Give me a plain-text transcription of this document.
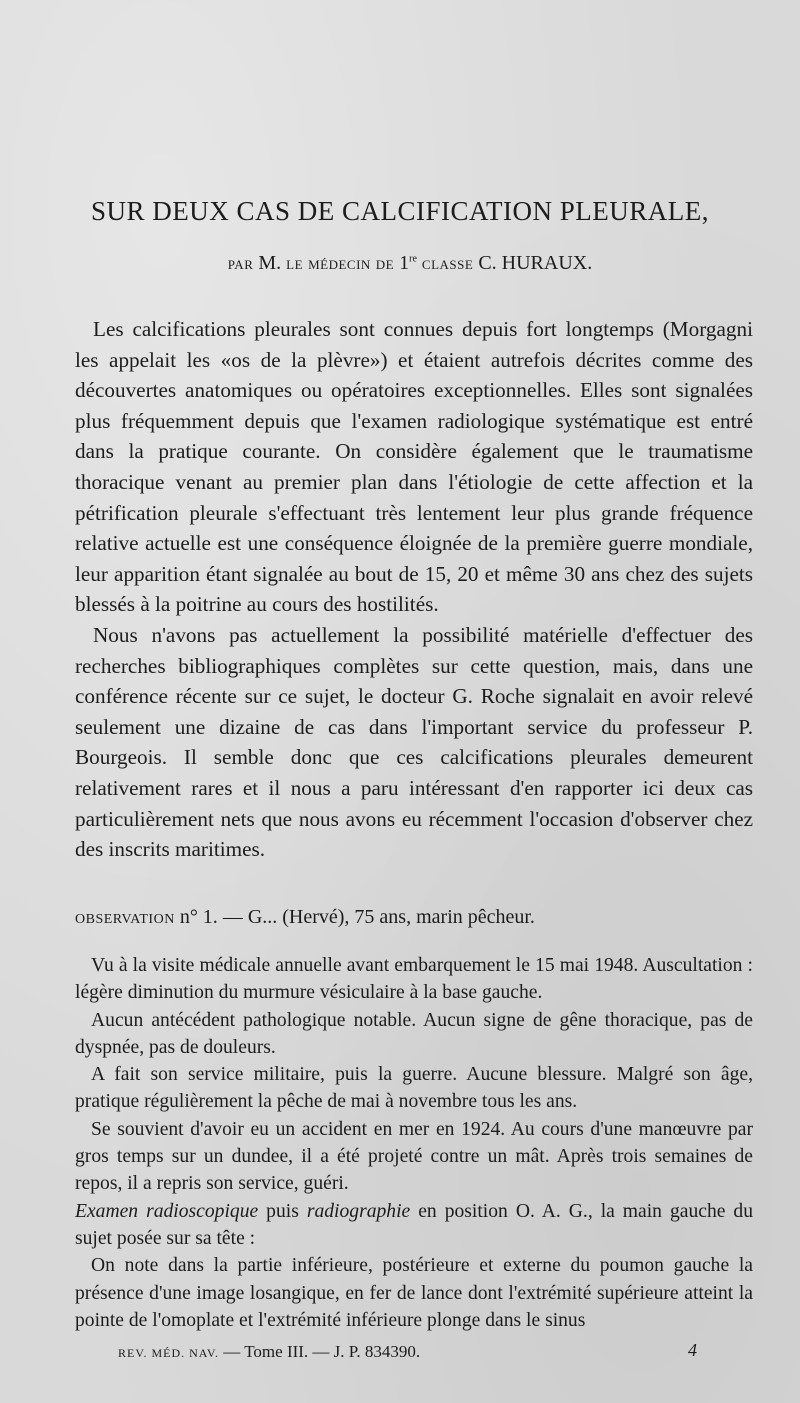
SUR DEUX CAS DE CALCIFICATION PLEURALE,
PAR M. LE MÉDECIN DE 1re CLASSE C. HURAUX.

Les calcifications pleurales sont connues depuis fort longtemps (Morgagni les appelait les «os de la plèvre») et étaient autrefois décrites comme des découvertes anatomiques ou opératoires exceptionnelles. Elles sont signalées plus fréquemment depuis que l'examen radiologique systématique est entré dans la pratique courante. On considère également que le traumatisme thoracique venant au premier plan dans l'étiologie de cette affection et la pétrification pleurale s'effectuant très lentement leur plus grande fréquence relative actuelle est une conséquence éloignée de la première guerre mondiale, leur apparition étant signalée au bout de 15, 20 et même 30 ans chez des sujets blessés à la poitrine au cours des hostilités.

Nous n'avons pas actuellement la possibilité matérielle d'effectuer des recherches bibliographiques complètes sur cette question, mais, dans une conférence récente sur ce sujet, le docteur G. Roche signalait en avoir relevé seulement une dizaine de cas dans l'important service du professeur P. Bourgeois. Il semble donc que ces calcifications pleurales demeurent relativement rares et il nous a paru intéressant d'en rapporter ici deux cas particulièrement nets que nous avons eu récemment l'occasion d'observer chez des inscrits maritimes.

OBSERVATION n° 1. — G... (Hervé), 75 ans, marin pêcheur.

Vu à la visite médicale annuelle avant embarquement le 15 mai 1948. Auscultation : légère diminution du murmure vésiculaire à la base gauche.

Aucun antécédent pathologique notable. Aucun signe de gêne thoracique, pas de dyspnée, pas de douleurs.

A fait son service militaire, puis la guerre. Aucune blessure. Malgré son âge, pratique régulièrement la pêche de mai à novembre tous les ans.

Se souvient d'avoir eu un accident en mer en 1924. Au cours d'une manœuvre par gros temps sur un dundee, il a été projeté contre un mât. Après trois semaines de repos, il a repris son service, guéri.

Examen radioscopique puis radiographie en position O. A. G., la main gauche du sujet posée sur sa tête :

On note dans la partie inférieure, postérieure et externe du poumon gauche la présence d'une image losangique, en fer de lance dont l'extrémité supérieure atteint la pointe de l'omoplate et l'extrémité inférieure plonge dans le sinus

REV. MÉD. NAV. — Tome III. — J. P. 834390.	4
